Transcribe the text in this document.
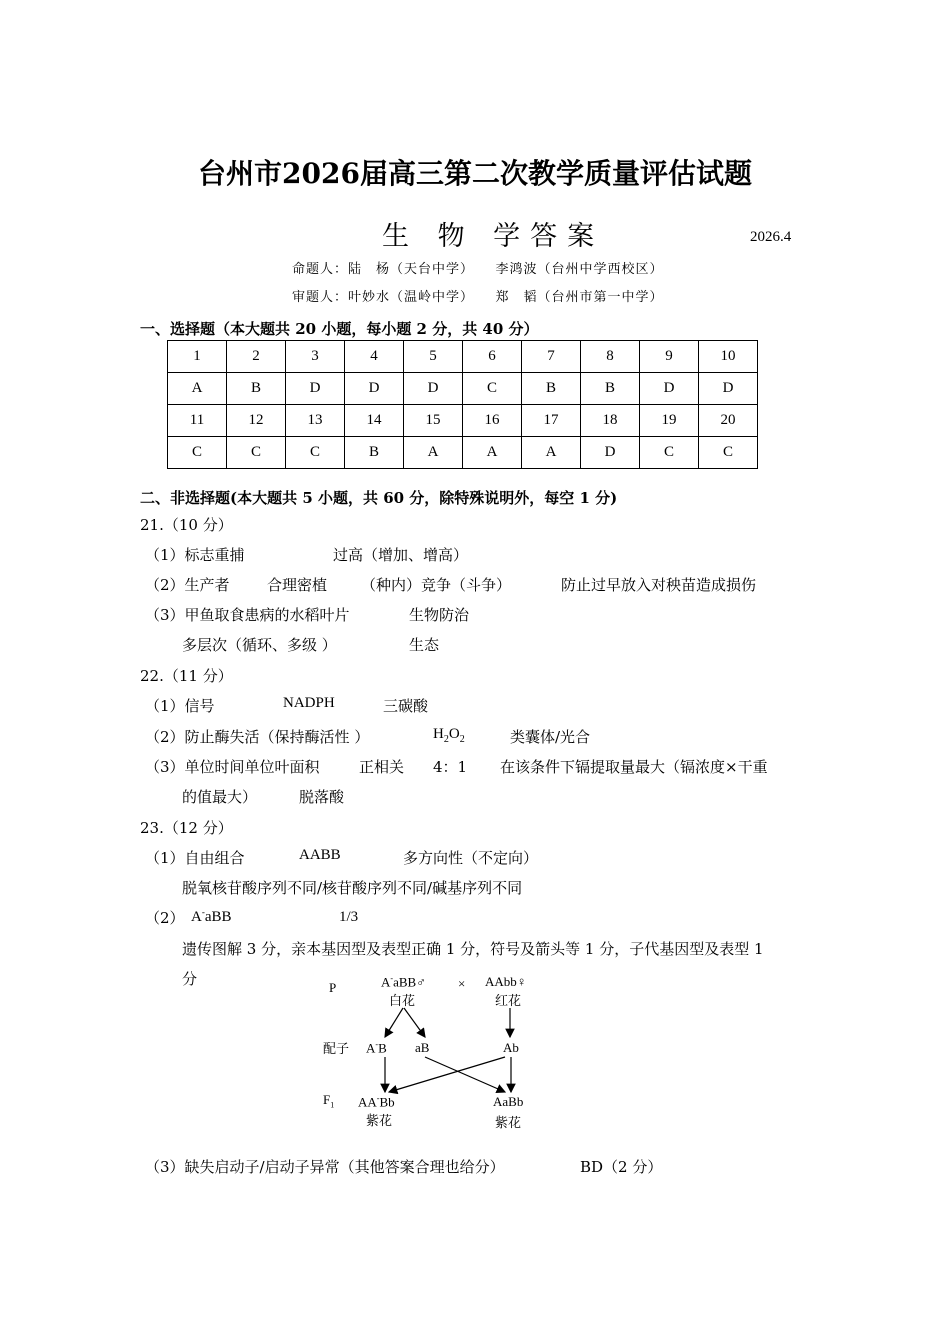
台州市2026届高三第二次教学质量评估试题
生 物 学答案	2026.4
命题人：陆　杨（天台中学）　　李鸿波（台州中学西校区）
审题人：叶妙水（温岭中学）　　郑　韬（台州市第一中学）
一、选择题（本大题共 20 小题，每小题 2 分，共 40 分）
1	2	3	4	5	6	7	8	9	10
A	B	D	D	D	C	B	B	D	D
11	12	13	14	15	16	17	18	19	20
C	C	C	B	A	A	A	D	C	C
二、非选择题(本大题共 5 小题，共 60 分，除特殊说明外，每空 1 分)
21.（10 分）
（1）标志重捕	过高（增加、增高）
（2）生产者 合理密植 （种内）竞争（斗争）	防止过早放入对秧苗造成损伤
（3）甲鱼取食患病的水稻叶片	生物防治
多层次（循环、多级 ）	生态
22.（11 分）
（1）信号	NADPH	三碳酸
（2）防止酶失活（保持酶活性 ）	$H_2O_2$	类囊体/光合
（3）单位时间单位叶面积	正相关 4：1 在该条件下镉提取量最大（镉浓度×干重
的值最大）	脱落酸
23.（12 分）
（1）自由组合	AABB	多方向性（不定向）
脱氧核苷酸序列不同/核苷酸序列不同/碱基序列不同
（2） A-aBB	1/3
遗传图解 3 分，亲本基因型及表型正确 1 分，符号及箭头等 1 分，子代基因型及表型 1
分	P	A-aBB♂
白花
× AAbb♀
红花
配子 A-B aB	Ab
$F_1$ AA-Bb
紫花
AaBb
紫花
（3）缺失启动子/启动子异常（其他答案合理也给分）	BD（2 分）
